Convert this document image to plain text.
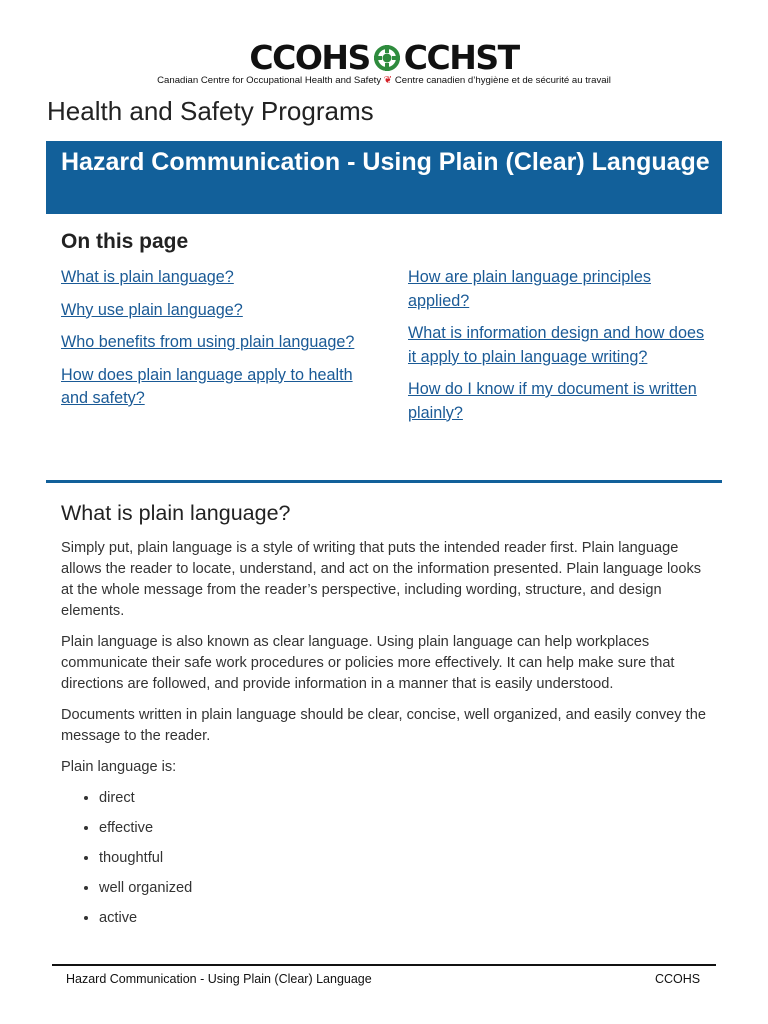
CCOHS CCHST
Canadian Centre for Occupational Health and Safety ❦ Centre canadien d’hygiène et de sécurité au travail
Health and Safety Programs
Hazard Communication - Using Plain (Clear) Language
On this page
What is plain language?
Why use plain language?
Who benefits from using plain language?
How does plain language apply to health and safety?
How are plain language principles applied?
What is information design and how does it apply to plain language writing?
How do I know if my document is written plainly?
What is plain language?

Simply put, plain language is a style of writing that puts the intended reader first. Plain language allows the reader to locate, understand, and act on the information presented. Plain language looks at the whole message from the reader’s perspective, including wording, structure, and design elements.

Plain language is also known as clear language. Using plain language can help workplaces communicate their safe work procedures or policies more effectively. It can help make sure that directions are followed, and provide information in a manner that is easily understood.

Documents written in plain language should be clear, concise, well organized, and easily convey the message to the reader.

Plain language is:

• direct
• effective
• thoughtful
• well organized
• active
Hazard Communication - Using Plain (Clear) Language	CCOHS
